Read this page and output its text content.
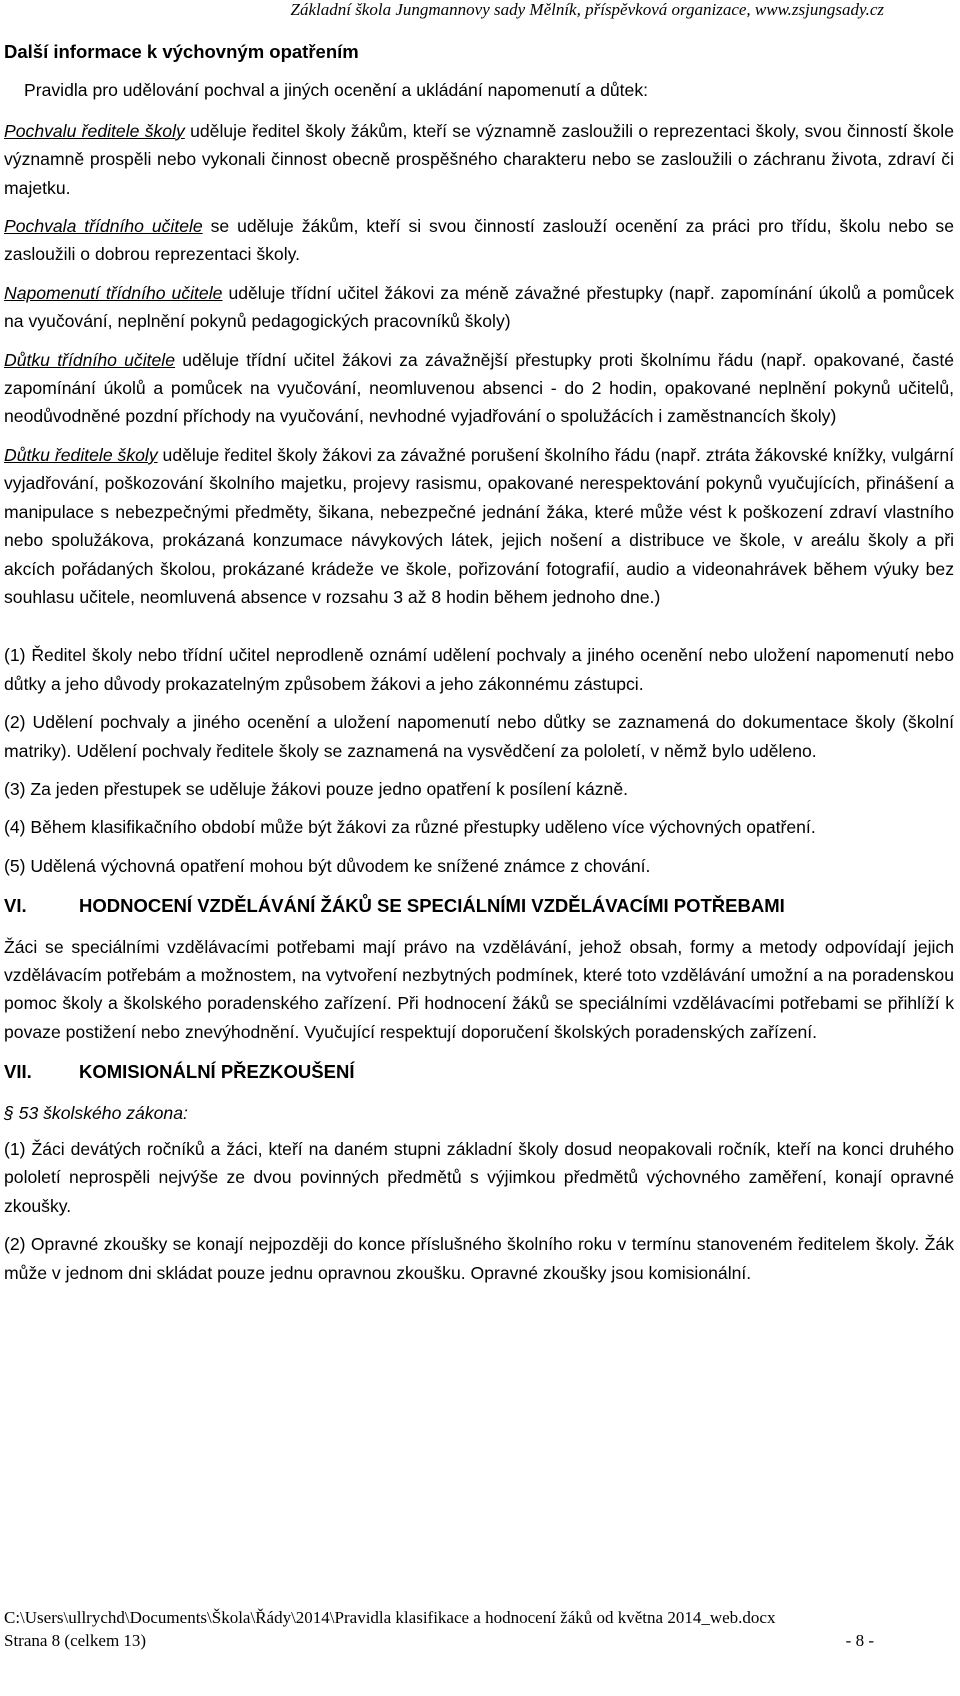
Základní škola Jungmannovy sady Mělník, příspěvková organizace, www.zsjungsady.cz

Další informace k výchovným opatřením

Pravidla pro udělování pochval a jiných ocenění a ukládání napomenutí a důtek:

Pochvalu ředitele školy uděluje ředitel školy žákům, kteří se významně zasloužili o reprezentaci školy, svou činností škole významně prospěli nebo vykonali činnost obecně prospěšného charakteru nebo se zasloužili o záchranu života, zdraví či majetku.

Pochvala třídního učitele se uděluje žákům, kteří si svou činností zaslouží ocenění za práci pro třídu, školu nebo se zasloužili o dobrou reprezentaci školy.

Napomenutí třídního učitele uděluje třídní učitel žákovi za méně závažné přestupky (např. zapomínání úkolů a pomůcek na vyučování, neplnění pokynů pedagogických pracovníků školy)

Důtku třídního učitele uděluje třídní učitel žákovi za závažnější přestupky proti školnímu řádu (např. opakované, časté zapomínání úkolů a pomůcek na vyučování, neomluvenou absenci - do 2 hodin, opakované neplnění pokynů učitelů, neodůvodněné pozdní příchody na vyučování, nevhodné vyjadřování o spolužácích i zaměstnancích školy)

Důtku ředitele školy uděluje ředitel školy žákovi za závažné porušení školního řádu (např. ztráta žákovské knížky, vulgární vyjadřování, poškozování školního majetku, projevy rasismu, opakované nerespektování pokynů vyučujících, přinášení a manipulace s nebezpečnými předměty, šikana, nebezpečné jednání žáka, které může vést k poškození zdraví vlastního nebo spolužákova, prokázaná konzumace návykových látek, jejich nošení a distribuce ve škole, v areálu školy a při akcích pořádaných školou, prokázané krádeže ve škole, pořizování fotografií, audio a videonahrávek během výuky bez souhlasu učitele, neomluvená absence v rozsahu 3 až 8 hodin během jednoho dne.)

(1) Ředitel školy nebo třídní učitel neprodleně oznámí udělení pochvaly a jiného ocenění nebo uložení napomenutí nebo důtky a jeho důvody prokazatelným způsobem žákovi a jeho zákonnému zástupci.

(2) Udělení pochvaly a jiného ocenění a uložení napomenutí nebo důtky se zaznamená do dokumentace školy (školní matriky). Udělení pochvaly ředitele školy se zaznamená na vysvědčení za pololetí, v němž bylo uděleno.

(3) Za jeden přestupek se uděluje žákovi pouze jedno opatření k posílení kázně.

(4) Během klasifikačního období může být žákovi za různé přestupky uděleno více výchovných opatření.

(5) Udělená výchovná opatření mohou být důvodem ke snížené známce z chování.

VI.	HODNOCENÍ VZDĚLÁVÁNÍ ŽÁKŮ SE SPECIÁLNÍMI VZDĚLÁVACÍMI POTŘEBAMI

Žáci se speciálními vzdělávacími potřebami mají právo na vzdělávání, jehož obsah, formy a metody odpovídají jejich vzdělávacím potřebám a možnostem, na vytvoření nezbytných podmínek, které toto vzdělávání umožní a na poradenskou pomoc školy a školského poradenského zařízení. Při hodnocení žáků se speciálními vzdělávacími potřebami se přihlíží k povaze postižení nebo znevýhodnění. Vyučující respektují doporučení školských poradenských zařízení.

VII.	KOMISIONÁLNÍ PŘEZKOUŠENÍ

§ 53 školského zákona:

(1) Žáci devátých ročníků a žáci, kteří na daném stupni základní školy dosud neopakovali ročník, kteří na konci druhého pololetí neprospěli nejvýše ze dvou povinných předmětů s výjimkou předmětů výchovného zaměření, konají opravné zkoušky.

(2) Opravné zkoušky se konají nejpozději do konce příslušného školního roku v termínu stanoveném ředitelem školy. Žák může v jednom dni skládat pouze jednu opravnou zkoušku. Opravné zkoušky jsou komisionální.

C:\Users\ullrychd\Documents\Škola\Řády\2014\Pravidla klasifikace a hodnocení žáků od května 2014_web.docx
Strana 8 (celkem 13)	- 8 -
